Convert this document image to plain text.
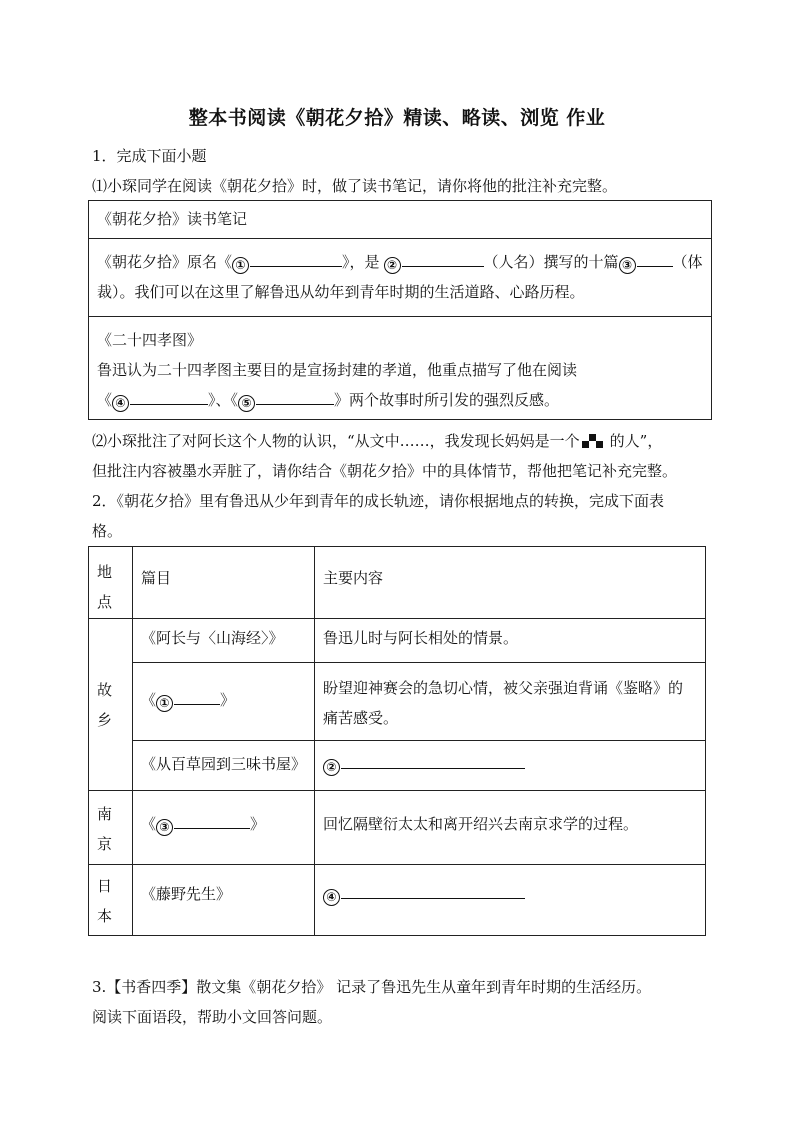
整本书阅读《朝花夕拾》精读、略读、浏览 作业
1．完成下面小题
⑴小琛同学在阅读《朝花夕拾》时，做了读书笔记，请你将他的批注补充完整。
《朝花夕拾》读书笔记

《朝花夕拾》原名《 ①	》，是 ②	（人名）撰写的十篇 ③	（体
裁）。我们可以在这里了解鲁迅从幼年到青年时期的生活道路、心路历程。

《二十四孝图》
鲁迅认为二十四孝图主要目的是宣扬封建的孝道，他重点描写了他在阅读
《 ④	》、《 ⑤	》两个故事时所引发的强烈反感。
⑵小琛批注了对阿长这个人物的认识，“从文中……，我发现长妈妈是一个 的人”，
但批注内容被墨水弄脏了，请你结合《朝花夕拾》中的具体情节，帮他把笔记补充完整。
2．《朝花夕拾》里有鲁迅从少年到青年的成长轨迹，请你根据地点的转换，完成下面表
格。
地点	篇目	主要内容
故乡	《阿长与〈山海经〉》	鲁迅儿时与阿长相处的情景。
	《 ① 》	盼望迎神赛会的急切心情，被父亲强迫背诵《鉴略》的
痛苦感受。

	《从百草园到三味书屋》	②
南京	《 ③ 》	回忆隔壁衍太太和离开绍兴去南京求学的过程。
日本	《藤野先生》	④
3.【书香四季】散文集《朝花夕拾》 记录了鲁迅先生从童年到青年时期的生活经历。
阅读下面语段，帮助小文回答问题。
